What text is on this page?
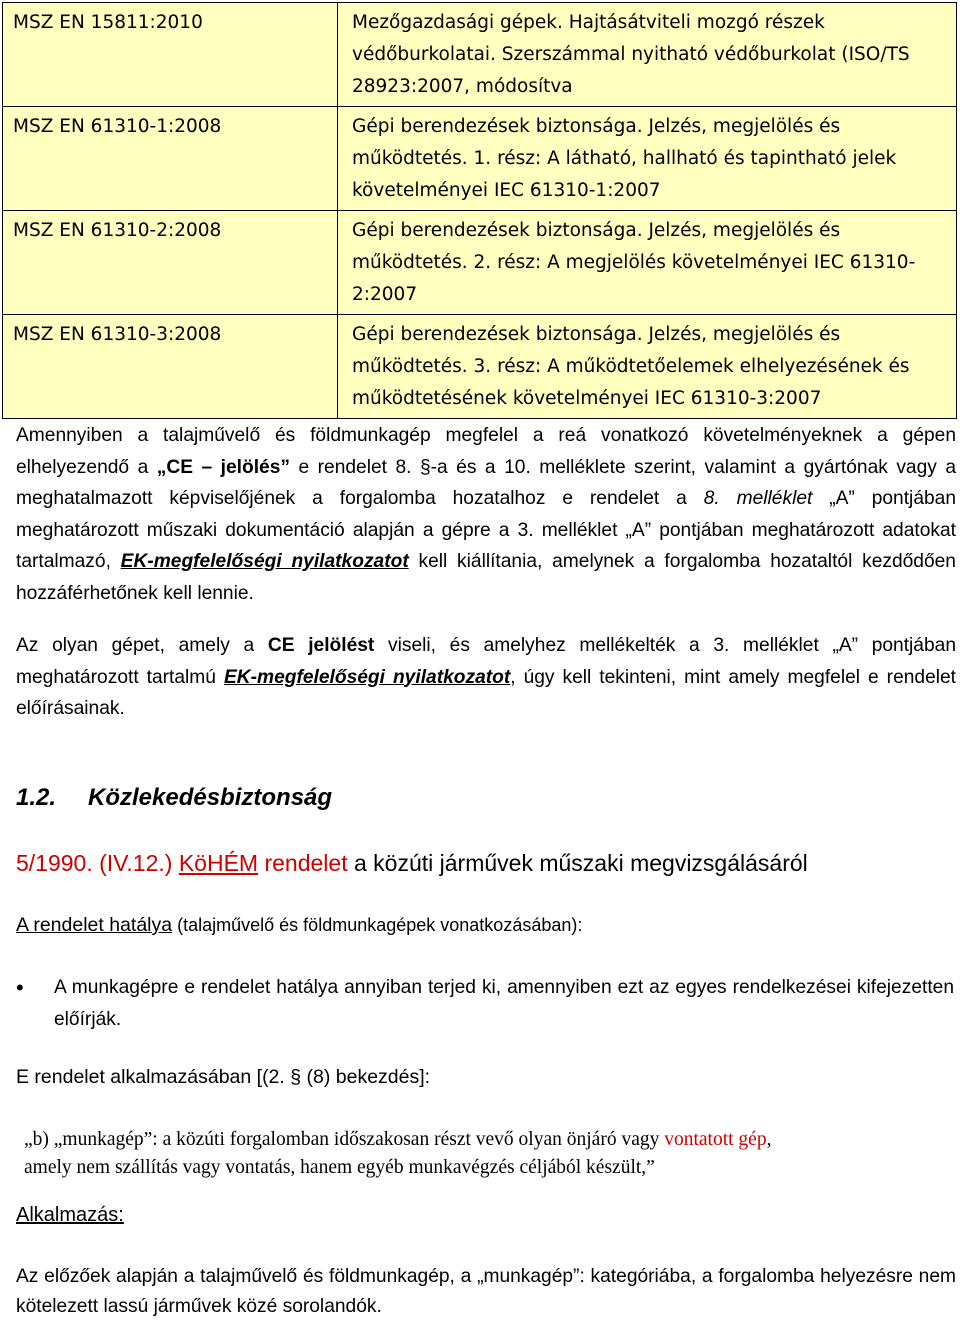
MSZ EN 15811:2010	Mezőgazdasági gépek. Hajtásátviteli mozgó részek
védőburkolatai. Szerszámmal nyitható védőburkolat (ISO/TS
28923:2007, módosítva

MSZ EN 61310-1:2008	Gépi berendezések biztonsága. Jelzés, megjelölés és
működtetés. 1. rész: A látható, hallható és tapintható jelek
követelményei IEC 61310-1:2007

MSZ EN 61310-2:2008	Gépi berendezések biztonsága. Jelzés, megjelölés és
működtetés. 2. rész: A megjelölés követelményei IEC 61310-
2:2007

MSZ EN 61310-3:2008	Gépi berendezések biztonsága. Jelzés, megjelölés és
működtetés. 3. rész: A működtetőelemek elhelyezésének és
működtetésének követelményei IEC 61310-3:2007
Amennyiben a talajművelő és földmunkagép megfelel a reá vonatkozó követelményeknek a gépen elhelyezendő a „CE – jelölés” e rendelet 8. §-a és a 10. melléklete szerint, valamint a gyártónak vagy a meghatalmazott képviselőjének a forgalomba hozatalhoz e rendelet a 8. melléklet „A” pontjában meghatározott műszaki dokumentáció alapján a gépre a 3. melléklet „A” pontjában meghatározott adatokat tartalmazó, EK-megfelelőségi nyilatkozatot kell kiállítania, amelynek a forgalomba hozataltól kezdődően hozzáférhetőnek kell lennie.
Az olyan gépet, amely a CE jelölést viseli, és amelyhez mellékelték a 3. melléklet „A” pontjában meghatározott tartalmú EK-megfelelőségi nyilatkozatot, úgy kell tekinteni, mint amely megfelel e rendelet előírásainak.
1.2. Közlekedésbiztonság
5/1990. (IV.12.) KöHÉM rendelet a közúti járművek műszaki megvizsgálásáról
A rendelet hatálya (talajművelő és földmunkagépek vonatkozásában):
• A munkagépre e rendelet hatálya annyiban terjed ki, amennyiben ezt az egyes rendelkezései kifejezetten előírják.
E rendelet alkalmazásában [(2. § (8) bekezdés]:
„b) „munkagép”: a közúti forgalomban időszakosan részt vevő olyan önjáró vagy vontatott gép,
amely nem szállítás vagy vontatás, hanem egyéb munkavégzés céljából készült,”
Alkalmazás:
Az előzőek alapján a talajművelő és földmunkagép, a „munkagép”: kategóriába, a forgalomba helyezésre nem kötelezett lassú járművek közé sorolandók.
